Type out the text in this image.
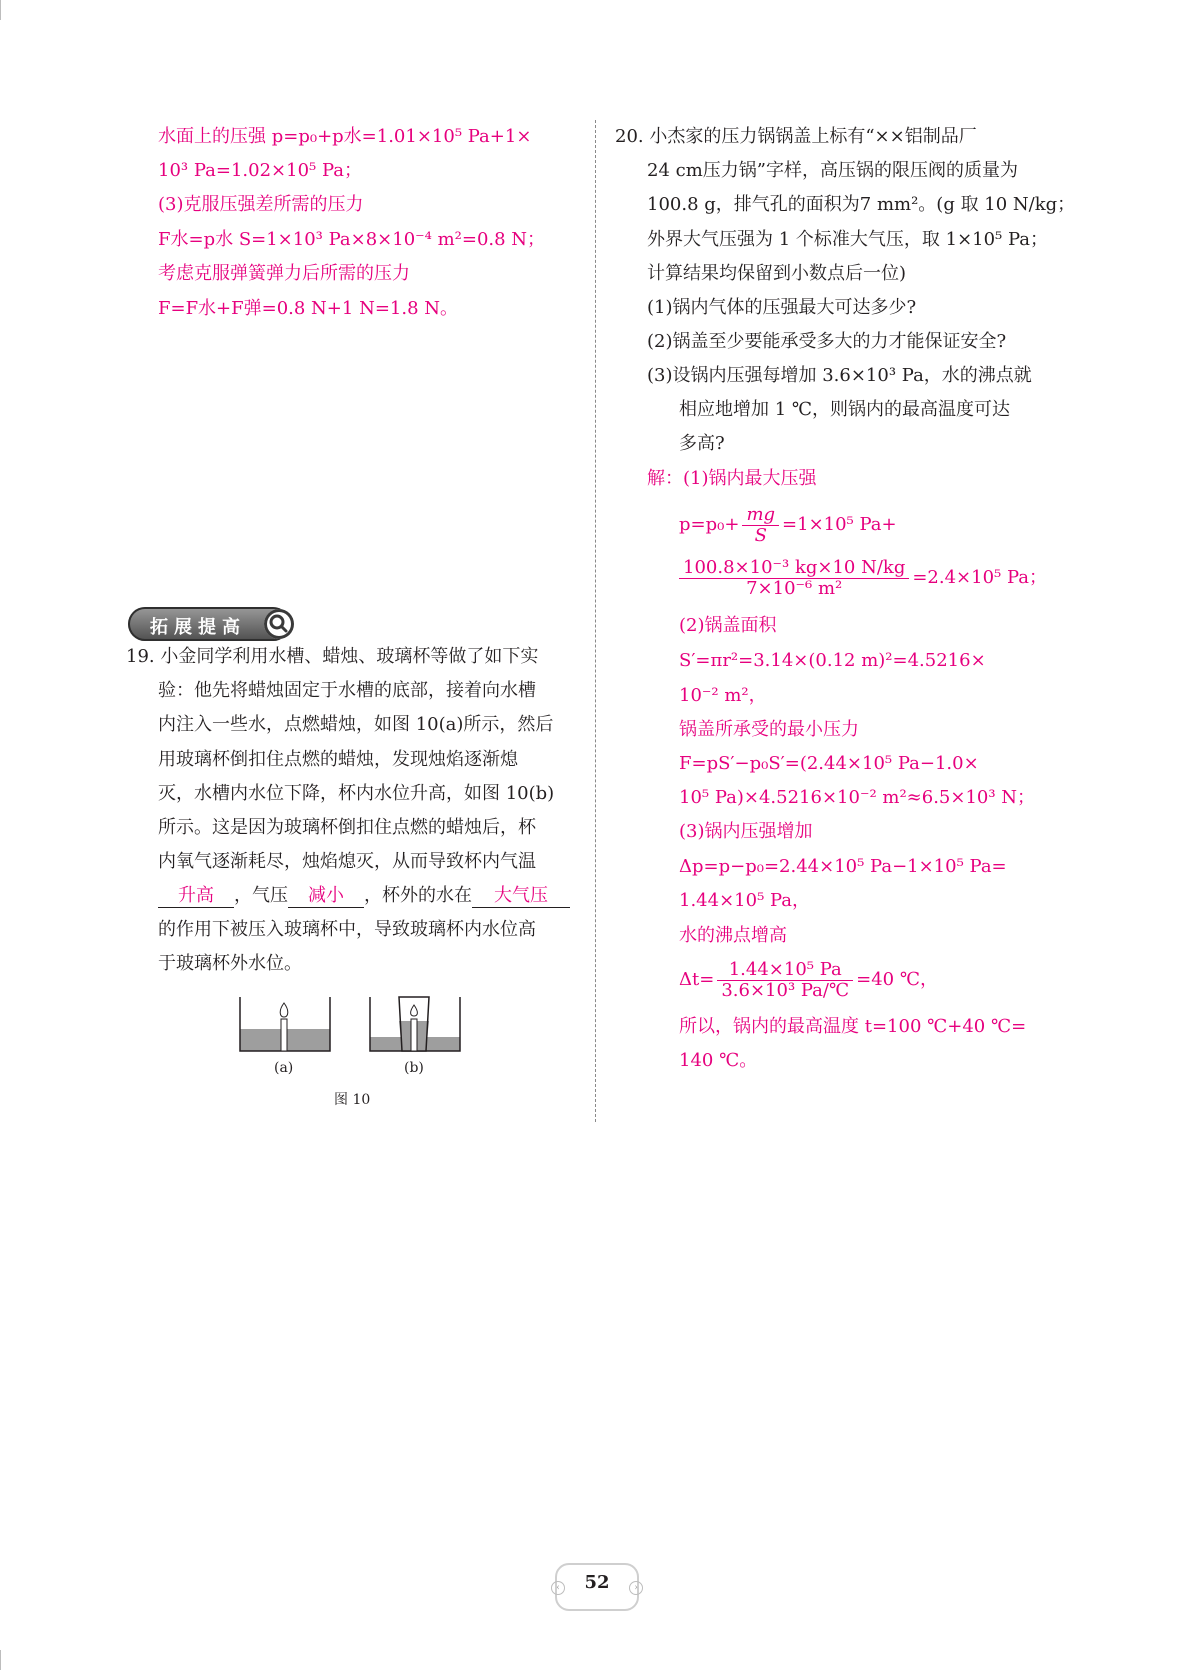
水面上的压强 p=p₀+p水=1.01×10⁵ Pa+1×
10³ Pa=1.02×10⁵ Pa；
(3)克服压强差所需的压力
F水=p水 S=1×10³ Pa×8×10⁻⁴ m²=0.8 N；
考虑克服弹簧弹力后所需的压力
F=F水+F弹=0.8 N+1 N=1.8 N。
拓展提高
19. 小金同学利用水槽、蜡烛、玻璃杯等做了如下实
验：他先将蜡烛固定于水槽的底部，接着向水槽
内注入一些水，点燃蜡烛，如图 10(a)所示，然后
用玻璃杯倒扣住点燃的蜡烛，发现烛焰逐渐熄
灭，水槽内水位下降，杯内水位升高，如图 10(b)
所示。这是因为玻璃杯倒扣住点燃的蜡烛后，杯
内氧气逐渐耗尽，烛焰熄灭，从而导致杯内气温
升高 ，气压 减小 ，杯外的水在 大气压
的作用下被压入玻璃杯中，导致玻璃杯内水位高
于玻璃杯外水位。
(a)	(b)
图 10
20. 小杰家的压力锅锅盖上标有“××铝制品厂
24 cm压力锅”字样，高压锅的限压阀的质量为
100.8 g，排气孔的面积为7 mm²。(g 取 10 N/kg；
外界大气压强为 1 个标准大气压，取 1×10⁵ Pa；
计算结果均保留到小数点后一位)
(1)锅内气体的压强最大可达多少?
(2)锅盖至少要能承受多大的力才能保证安全?
(3)设锅内压强每增加 3.6×10³ Pa，水的沸点就
相应地增加 1 ℃，则锅内的最高温度可达
多高?
解：(1)锅内最大压强
$p=p_0+ \frac{mg}{S} =1\times 10^5$ Pa+
$\frac{\text{100.8×10⁻³ kg×10 N/kg}}{\text{7×10⁻⁶ m²}} =2.4\times 10^5$ Pa；
(2)锅盖面积
S′=πr²=3.14×(0.12 m)²=4.5216×
10⁻² m²，
锅盖所承受的最小压力
F=pS′−p₀S′=(2.44×10⁵ Pa−1.0×
10⁵ Pa)×4.5216×10⁻² m²≈6.5×10³ N；
(3)锅内压强增加
Δp=p−p₀=2.44×10⁵ Pa−1×10⁵ Pa=
1.44×10⁵ Pa，
水的沸点增高
$\Delta t= \frac{\text{1.44×10⁵ Pa}}{\text{3.6×10³ Pa/℃}} =40$ ℃，
所以，锅内的最高温度 t=100 ℃+40 ℃=
140 ℃。
‹	52	›
